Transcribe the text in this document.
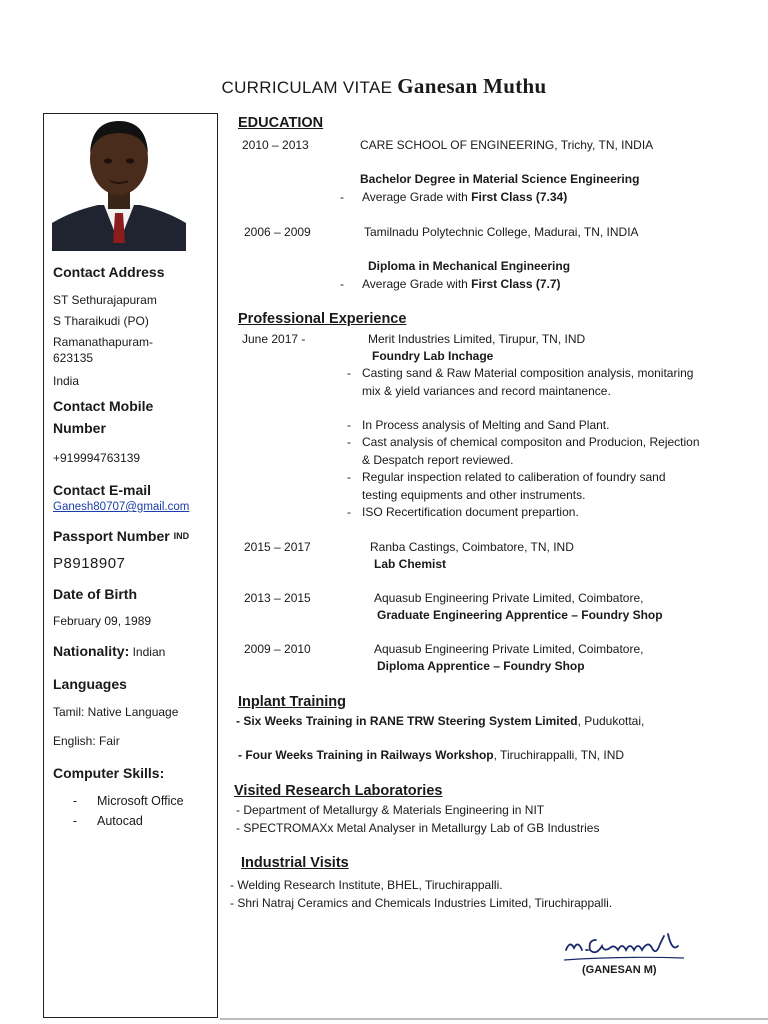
CURRICULAM VITAE Ganesan Muthu
Contact Address
ST Sethurajapuram
S Tharaikudi (PO)
Ramanathapuram-
623135
India
Contact Mobile
Number
+919994763139
Contact E-mail
Ganesh80707@gmail.com
Passport Number IND
P8918907
Date of Birth
February 09, 1989
Nationality: Indian
Languages
Tamil: Native Language
English: Fair
Computer Skills:
-	Microsoft Office
-	Autocad
EDUCATION
2010 – 2013	CARE SCHOOL OF ENGINEERING, Trichy, TN, INDIA
Bachelor Degree in Material Science Engineering
- Average Grade with First Class (7.34)
2006 – 2009	Tamilnadu Polytechnic College, Madurai, TN, INDIA
Diploma in Mechanical Engineering
- Average Grade with First Class (7.7)
Professional Experience
June 2017 -	Merit Industries Limited, Tirupur, TN, IND
Foundry Lab Inchage
- Casting sand & Raw Material composition analysis, monitaring mix & yield variances and record maintanence.
- In Process analysis of Melting and Sand Plant.
- Cast analysis of chemical compositon and Producion, Rejection & Despatch report reviewed.
- Regular inspection related to caliberation of foundry sand testing equipments and other instruments.
- ISO Recertification document prepartion.
2015 – 2017	Ranba Castings, Coimbatore, TN, IND
Lab Chemist
2013 – 2015	Aquasub Engineering Private Limited, Coimbatore,
Graduate Engineering Apprentice – Foundry Shop
2009 – 2010	Aquasub Engineering Private Limited, Coimbatore,
Diploma Apprentice – Foundry Shop
Inplant Training
- Six Weeks Training in RANE TRW Steering System Limited, Pudukottai,
- Four Weeks Training in Railways Workshop, Tiruchirappalli, TN, IND
Visited Research Laboratories
- Department of Metallurgy & Materials Engineering in NIT
- SPECTROMAXx Metal Analyser in Metallurgy Lab of GB Industries
Industrial Visits
- Welding Research Institute, BHEL, Tiruchirappalli.
- Shri Natraj Ceramics and Chemicals Industries Limited, Tiruchirappalli.
(GANESAN M)
